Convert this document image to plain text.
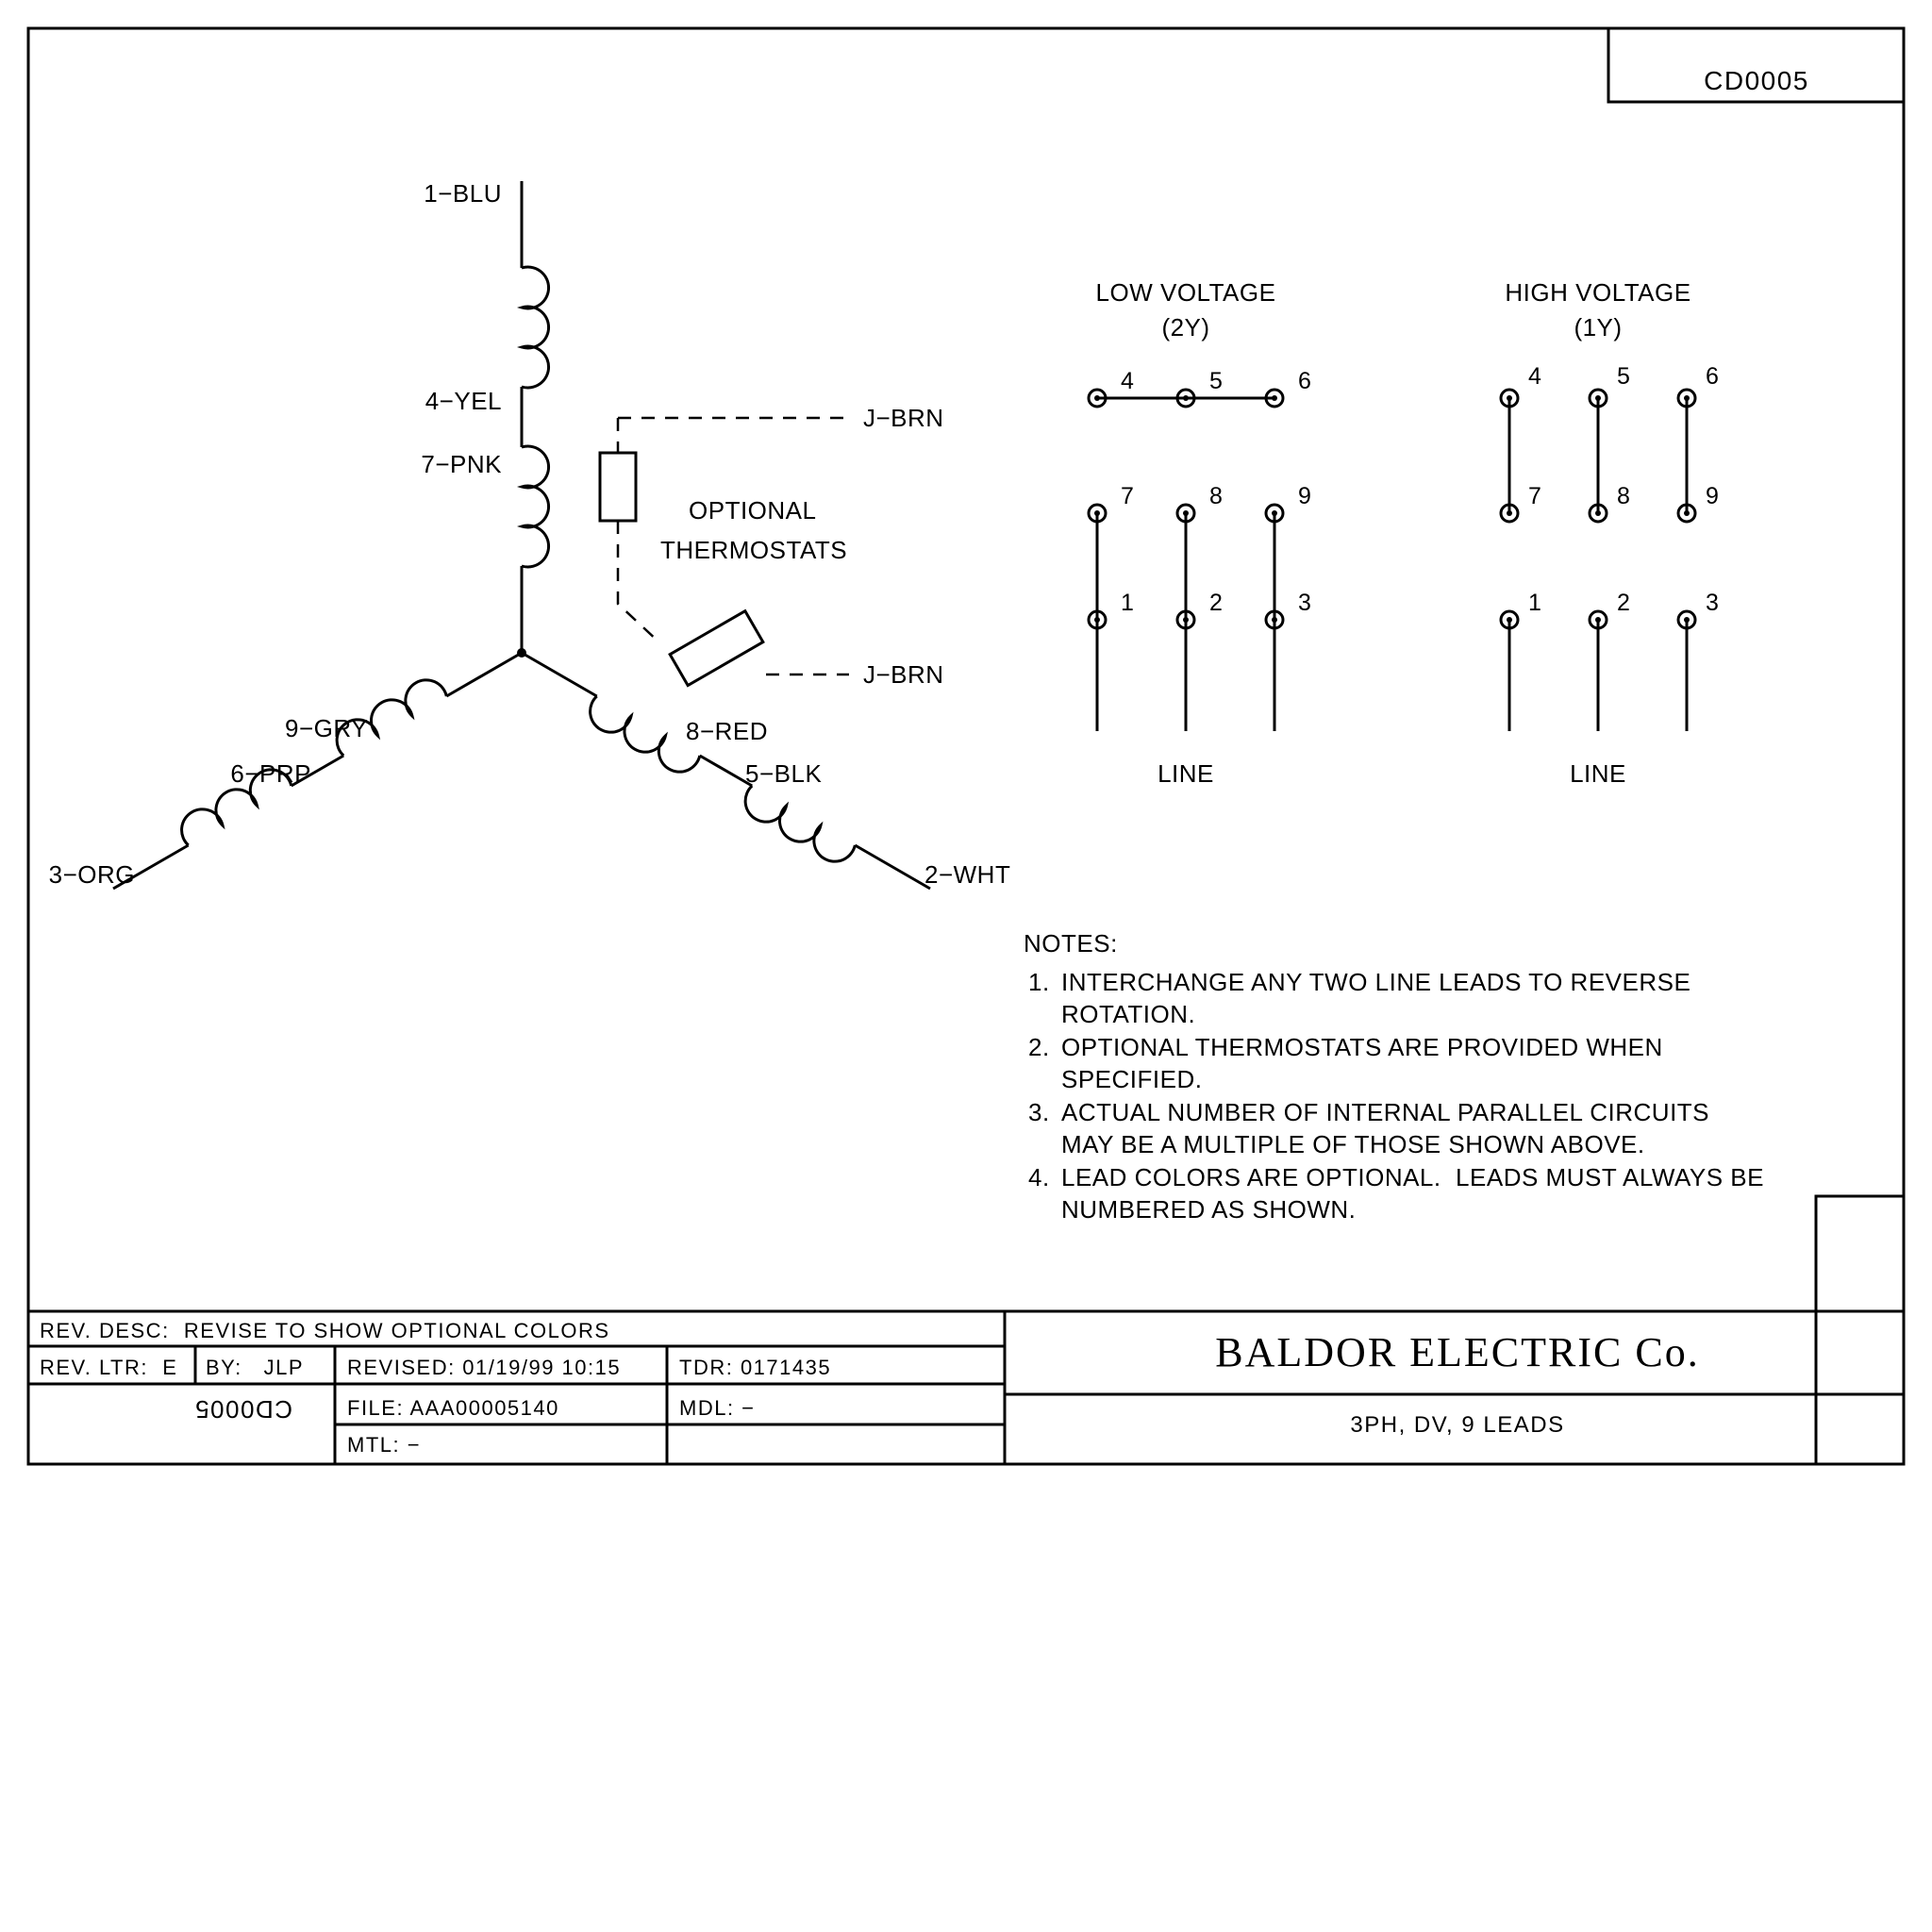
CD0005
1−BLU
4−YEL
7−PNK
9−GRY
6−PRP
3−ORG
8−RED
5−BLK
2−WHT
J−BRN
J−BRN
OPTIONAL
THERMOSTATS
LOW VOLTAGE
(2Y)
4	5	6
7	8	9
1	2	3
LINE
HIGH VOLTAGE
(1Y)
4	5	6
7	8	9
1	2	3
LINE
NOTES:
1. INTERCHANGE ANY TWO LINE LEADS TO REVERSE
ROTATION.
2. OPTIONAL THERMOSTATS ARE PROVIDED WHEN
SPECIFIED.
3. ACTUAL NUMBER OF INTERNAL PARALLEL CIRCUITS
MAY BE A MULTIPLE OF THOSE SHOWN ABOVE.
4. LEAD COLORS ARE OPTIONAL.  LEADS MUST ALWAYS BE
NUMBERED AS SHOWN.
REV. DESC:  REVISE TO SHOW OPTIONAL COLORS
REV. LTR:  E BY:   JLP REVISED: 01/19/99 10:15	TDR: 0171435
FILE: AAA00005140	MDL: −
MTL: −
CD0005
BALDOR ELECTRIC Co.
3PH, DV, 9 LEADS
